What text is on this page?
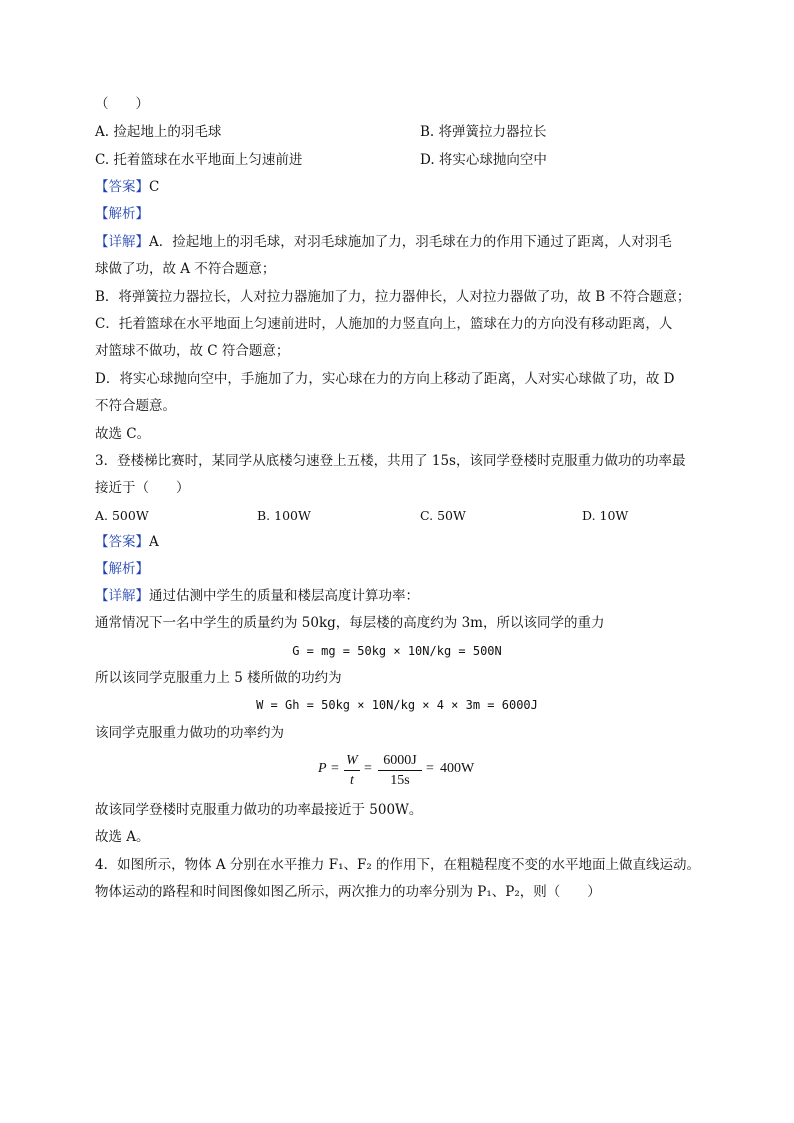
（　　）
A. 捡起地上的羽毛球	B. 将弹簧拉力器拉长
C. 托着篮球在水平地面上匀速前进	D. 将实心球抛向空中
【答案】C
【解析】
【详解】A．捡起地上的羽毛球，对羽毛球施加了力，羽毛球在力的作用下通过了距离，人对羽毛
球做了功，故 A 不符合题意；
B．将弹簧拉力器拉长，人对拉力器施加了力，拉力器伸长，人对拉力器做了功，故 B 不符合题意；
C．托着篮球在水平地面上匀速前进时，人施加的力竖直向上，篮球在力的方向没有移动距离，人
对篮球不做功，故 C 符合题意；
D．将实心球抛向空中，手施加了力，实心球在力的方向上移动了距离，人对实心球做了功，故 D
不符合题意。
故选 C。
3．登楼梯比赛时，某同学从底楼匀速登上五楼，共用了 15s，该同学登楼时克服重力做功的功率最
接近于（　　）
A. 500W	B. 100W	C. 50W	D. 10W
【答案】A
【解析】
【详解】通过估测中学生的质量和楼层高度计算功率：
通常情况下一名中学生的质量约为 50kg，每层楼的高度约为 3m，所以该同学的重力
G = mg = 50kg × 10N/kg = 500N
所以该同学克服重力上 5 楼所做的功约为
W = Gh = 50kg × 10N/kg × 4 × 3m = 6000J
该同学克服重力做功的功率约为
P =
W
t
=
6000J
15s
= 400W
故该同学登楼时克服重力做功的功率最接近于 500W。
故选 A。
4．如图所示，物体 A 分别在水平推力 F₁、F₂ 的作用下，在粗糙程度不变的水平地面上做直线运动。
物体运动的路程和时间图像如图乙所示，两次推力的功率分别为 P₁、P₂，则（　　）
